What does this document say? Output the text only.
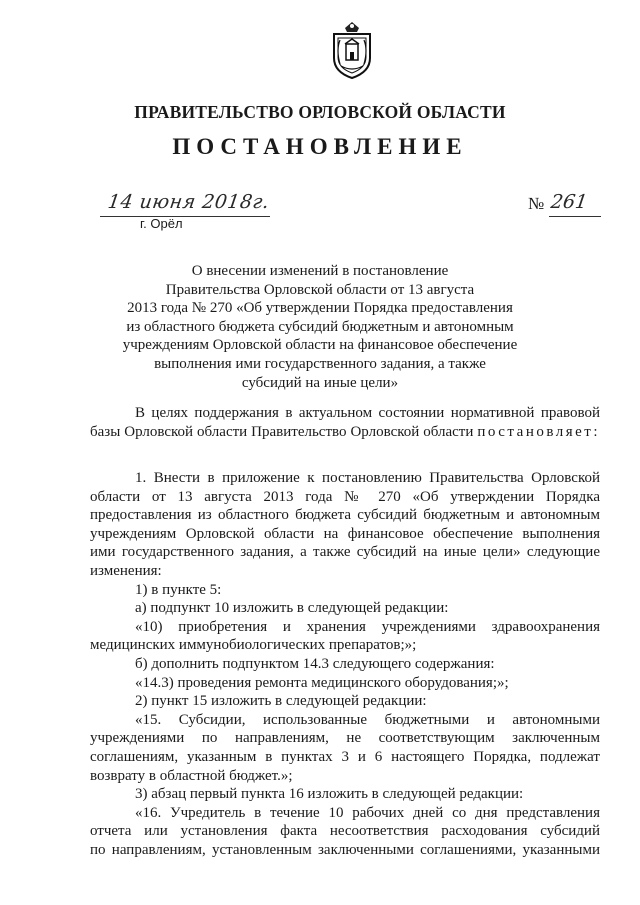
ПРАВИТЕЛЬСТВО ОРЛОВСКОЙ ОБЛАСТИ
ПОСТАНОВЛЕНИЕ
14 июня 2018г.
г. Орёл
№ 261
О внесении изменений в постановление
Правительства Орловской области от 13 августа
2013 года № 270 «Об утверждении Порядка предоставления
из областного бюджета субсидий бюджетным и автономным
учреждениям Орловской области на финансовое обеспечение
выполнения ими государственного задания, а также
субсидий на иные цели»
В целях поддержания в актуальном состоянии нормативной правовой
базы Орловской области Правительство Орловской области постановляет:
1. Внести в приложение к постановлению Правительства Орловской
области от 13 августа 2013 года № 270 «Об утверждении Порядка
предоставления из областного бюджета субсидий бюджетным и автономным
учреждениям Орловской области на финансовое обеспечение выполнения
ими государственного задания, а также субсидий на иные цели» следующие
изменения:
1) в пункте 5:
а) подпункт 10 изложить в следующей редакции:
«10) приобретения и хранения учреждениями здравоохранения
медицинских иммунобиологических препаратов;»;
б) дополнить подпунктом 14.3 следующего содержания:
«14.3) проведения ремонта медицинского оборудования;»;
2) пункт 15 изложить в следующей редакции:
«15. Субсидии, использованные бюджетными и автономными
учреждениями по направлениям, не соответствующим заключенным
соглашениям, указанным в пунктах 3 и 6 настоящего Порядка, подлежат
возврату в областной бюджет.»;
3) абзац первый пункта 16 изложить в следующей редакции:
«16. Учредитель в течение 10 рабочих дней со дня представления
отчета или установления факта несоответствия расходования субсидий
по направлениям, установленным заключенными соглашениями, указанными
